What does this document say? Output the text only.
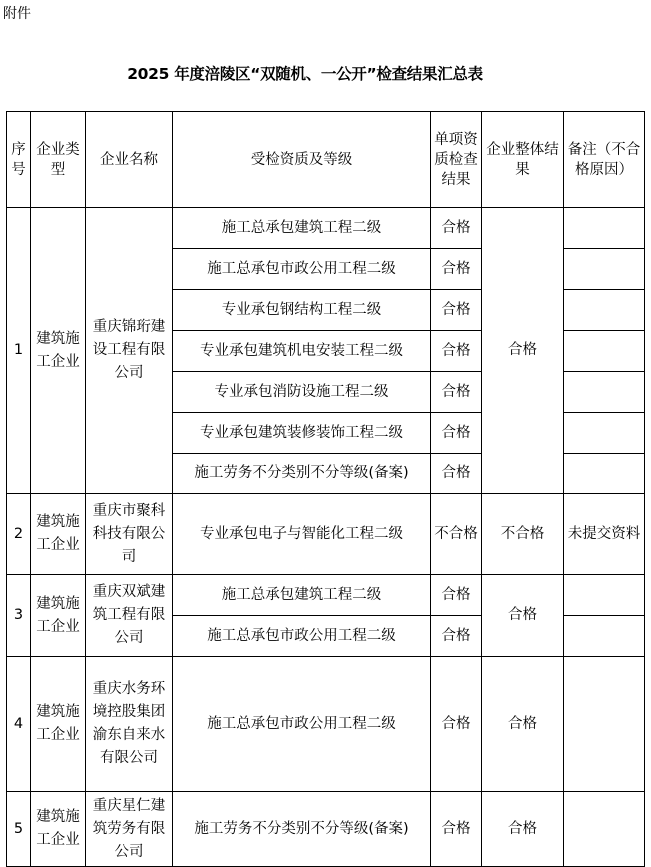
附件
2025 年度涪陵区“双随机、一公开”检查结果汇总表
序号	企业类型	企业名称	受检资质及等级	单项资质检查结果	企业整体结果	备注（不合格原因）
1	建筑施工企业	重庆锦珩建设工程有限公司	施工总承包建筑工程二级	合格	合格	
			施工总承包市政公用工程二级	合格		
			专业承包钢结构工程二级	合格		
			专业承包建筑机电安装工程二级	合格		
			专业承包消防设施工程二级	合格		
			专业承包建筑装修装饰工程二级	合格		
			施工劳务不分类别不分等级(备案)	合格		
2	建筑施工企业	重庆市聚科科技有限公司	专业承包电子与智能化工程二级	不合格	不合格	未提交资料
3	建筑施工企业	重庆双斌建筑工程有限公司	施工总承包建筑工程二级	合格	合格	
			施工总承包市政公用工程二级	合格		
4	建筑施工企业	重庆水务环境控股集团渝东自来水有限公司	施工总承包市政公用工程二级	合格	合格	
5	建筑施工企业	重庆星仁建筑劳务有限公司	施工劳务不分类别不分等级(备案)	合格	合格	
